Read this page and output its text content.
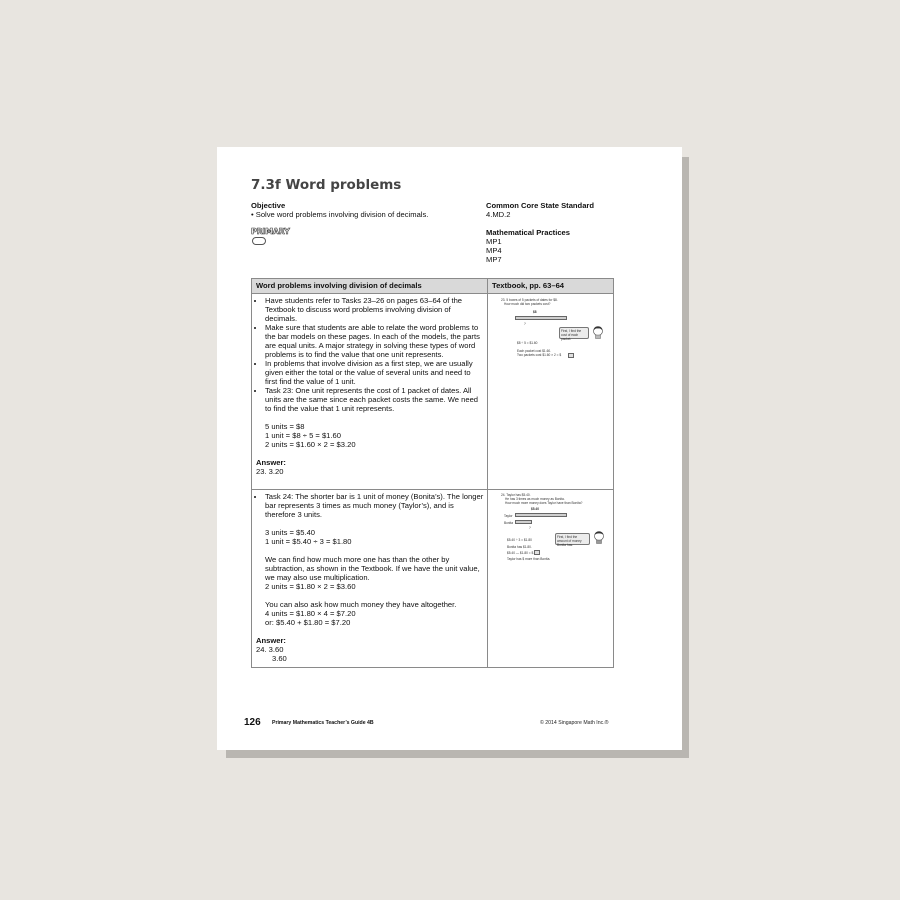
7.3f Word problems
Objective
• Solve word problems involving division of decimals.
PRIMARY
Common Core State Standard
4.MD.2
Mathematical Practices
MP1
MP4
MP7
Word problems involving division of decimals	Textbook, pp. 63–64
• Have students refer to Tasks 23–26 on pages 63–64 of the Textbook to discuss word problems involving division of decimals.
• Make sure that students are able to relate the word problems to the bar models on these pages. In each of the models, the parts are equal units. A major strategy in solving these types of word problems is to find the value that one unit represents.
• In problems that involve division as a first step, we are usually given either the total or the value of several units and need to first find the value of 1 unit.
• Task 23: One unit represents the cost of 1 packet of dates. All units are the same since each packet costs the same. We need to find the value that 1 unit represents.
5 units = $8
1 unit = $8 ÷ 5 = $1.60
2 units = $1.60 × 2 = $3.20
Answer:
23. 3.20
23. 5 boxes of 5 packets of dates for $8.
How much did two packets cost?
$8
?
First, I find the cost of each packet.
$8 ÷ 5 = $1.60
Each packet cost $1.60.
Two packets cost $1.60 × 2 = $
• Task 24: The shorter bar is 1 unit of money (Bonita’s). The longer bar represents 3 times as much money (Taylor’s), and is therefore 3 units.
3 units = $5.40
1 unit = $5.40 ÷ 3 = $1.80
We can find how much more one has than the other by subtraction, as shown in the Textbook. If we have the unit value, we may also use multiplication.
2 units = $1.80 × 2 = $3.60
You can also ask how much money they have altogether.
4 units = $1.80 × 4 = $7.20
or: $5.40 + $1.80 = $7.20
Answer:
24. 3.60
3.60
24. Taylor has $5.40.
He has 3 times as much money as Bonita.
How much more money does Taylor have than Bonita?
$5.40
Taylor
Bonita
?
First, I find the amount of money Bonita has.
$5.40 ÷ 3 = $1.80
Bonita has $1.80.
$5.40 — $1.80 = $
Taylor has $ more than Bonita.
126 Primary Mathematics Teacher’s Guide 4B	© 2014 Singapore Math Inc.®
